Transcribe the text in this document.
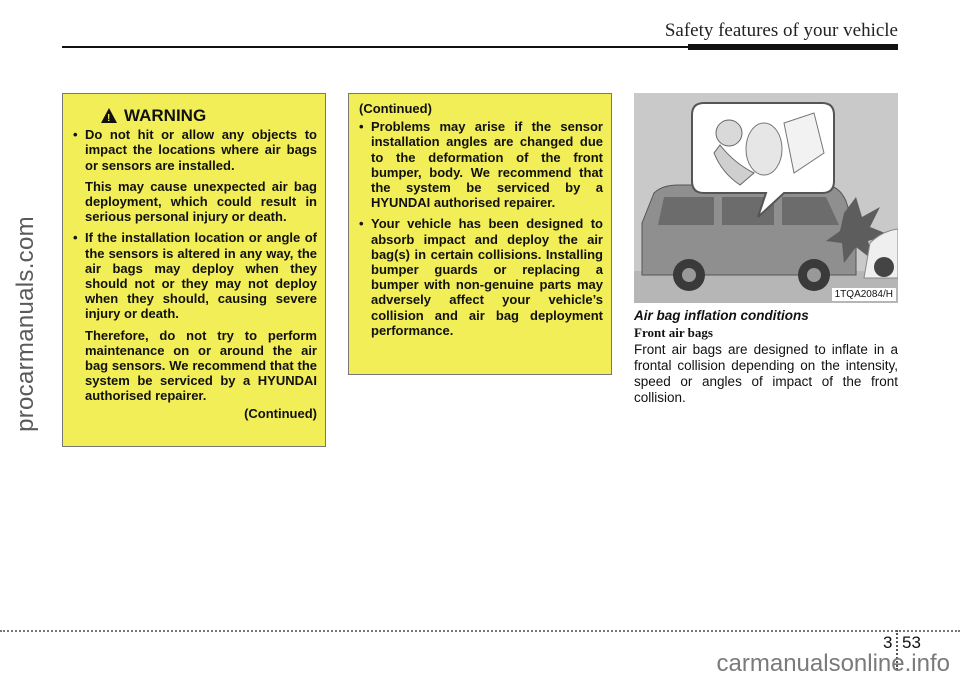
Safety features of your vehicle
procarmanuals.com
!
WARNING
• Do not hit or allow any objects to impact the locations where air bags or sensors are installed.
This may cause unexpected air bag deployment, which could result in serious personal injury or death.
• If the installation location or angle of the sensors is altered in any way, the air bags may deploy when they should not or they may not deploy when they should, causing severe injury or death.
Therefore, do not try to perform maintenance on or around the air bag sensors. We recommend that the system be serviced by a HYUNDAI authorised repairer.
(Continued)
(Continued)
• Problems may arise if the sensor installation angles are changed due to the deformation of the front bumper, body. We recommend that the system be serviced by a HYUNDAI authorised repairer.
• Your vehicle has been designed to absorb impact and deploy the air bag(s) in certain collisions. Installing bumper guards or replacing a bumper with non-genuine parts may adversely affect your vehicle’s collision and air bag deployment performance.
1TQA2084/H
Air bag inflation conditions
Front air bags
Front air bags are designed to inflate in a frontal collision depending on the intensity, speed or angles of impact of the front collision.
3 53
carmanualsonline.info
